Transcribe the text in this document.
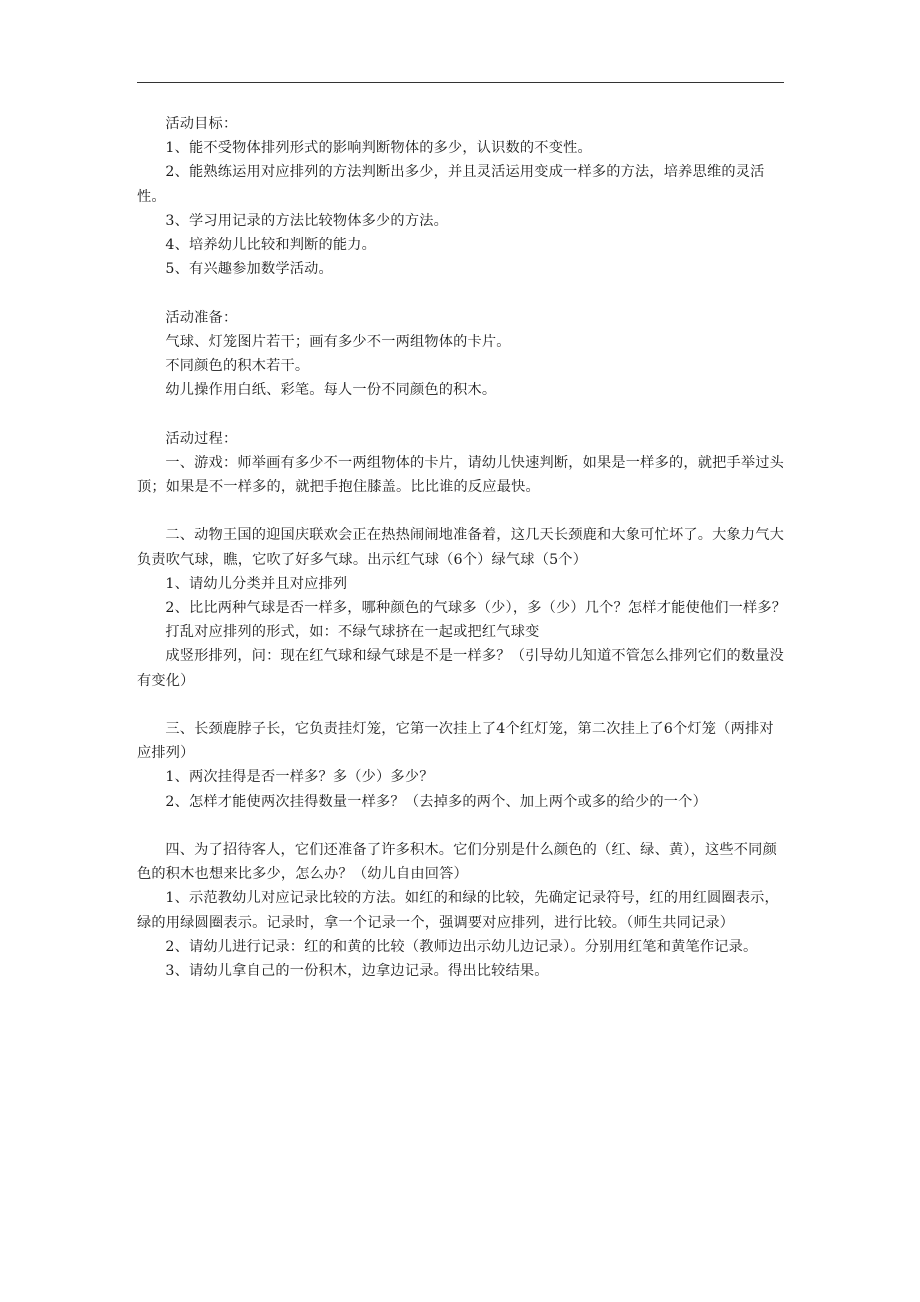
活动目标：

1、能不受物体排列形式的影响判断物体的多少，认识数的不变性。

2、能熟练运用对应排列的方法判断出多少，并且灵活运用变成一样多的方法，培养思维的灵活性。

3、学习用记录的方法比较物体多少的方法。

4、培养幼儿比较和判断的能力。

5、有兴趣参加数学活动。

活动准备：

气球、灯笼图片若干；画有多少不一两组物体的卡片。

不同颜色的积木若干。

幼儿操作用白纸、彩笔。每人一份不同颜色的积木。

活动过程：

一、游戏：师举画有多少不一两组物体的卡片，请幼儿快速判断，如果是一样多的，就把手举过头顶；如果是不一样多的，就把手抱住膝盖。比比谁的反应最快。

二、动物王国的迎国庆联欢会正在热热闹闹地准备着，这几天长颈鹿和大象可忙坏了。大象力气大负责吹气球，瞧，它吹了好多气球。出示红气球（6个）绿气球（5个）

1、请幼儿分类并且对应排列

2、比比两种气球是否一样多，哪种颜色的气球多（少），多（少）几个？怎样才能使他们一样多？

打乱对应排列的形式，如：不绿气球挤在一起或把红气球变

成竖形排列，问：现在红气球和绿气球是不是一样多？（引导幼儿知道不管怎么排列它们的数量没有变化）

三、长颈鹿脖子长，它负责挂灯笼，它第一次挂上了4个红灯笼，第二次挂上了6个灯笼（两排对应排列）

1、两次挂得是否一样多？多（少）多少？

2、怎样才能使两次挂得数量一样多？（去掉多的两个、加上两个或多的给少的一个）

四、为了招待客人，它们还准备了许多积木。它们分别是什么颜色的（红、绿、黄），这些不同颜色的积木也想来比多少，怎么办？（幼儿自由回答）

1、示范教幼儿对应记录比较的方法。如红的和绿的比较，先确定记录符号，红的用红圆圈表示，绿的用绿圆圈表示。记录时，拿一个记录一个，强调要对应排列，进行比较。（师生共同记录）

2、请幼儿进行记录：红的和黄的比较（教师边出示幼儿边记录）。分别用红笔和黄笔作记录。

3、请幼儿拿自己的一份积木，边拿边记录。得出比较结果。
